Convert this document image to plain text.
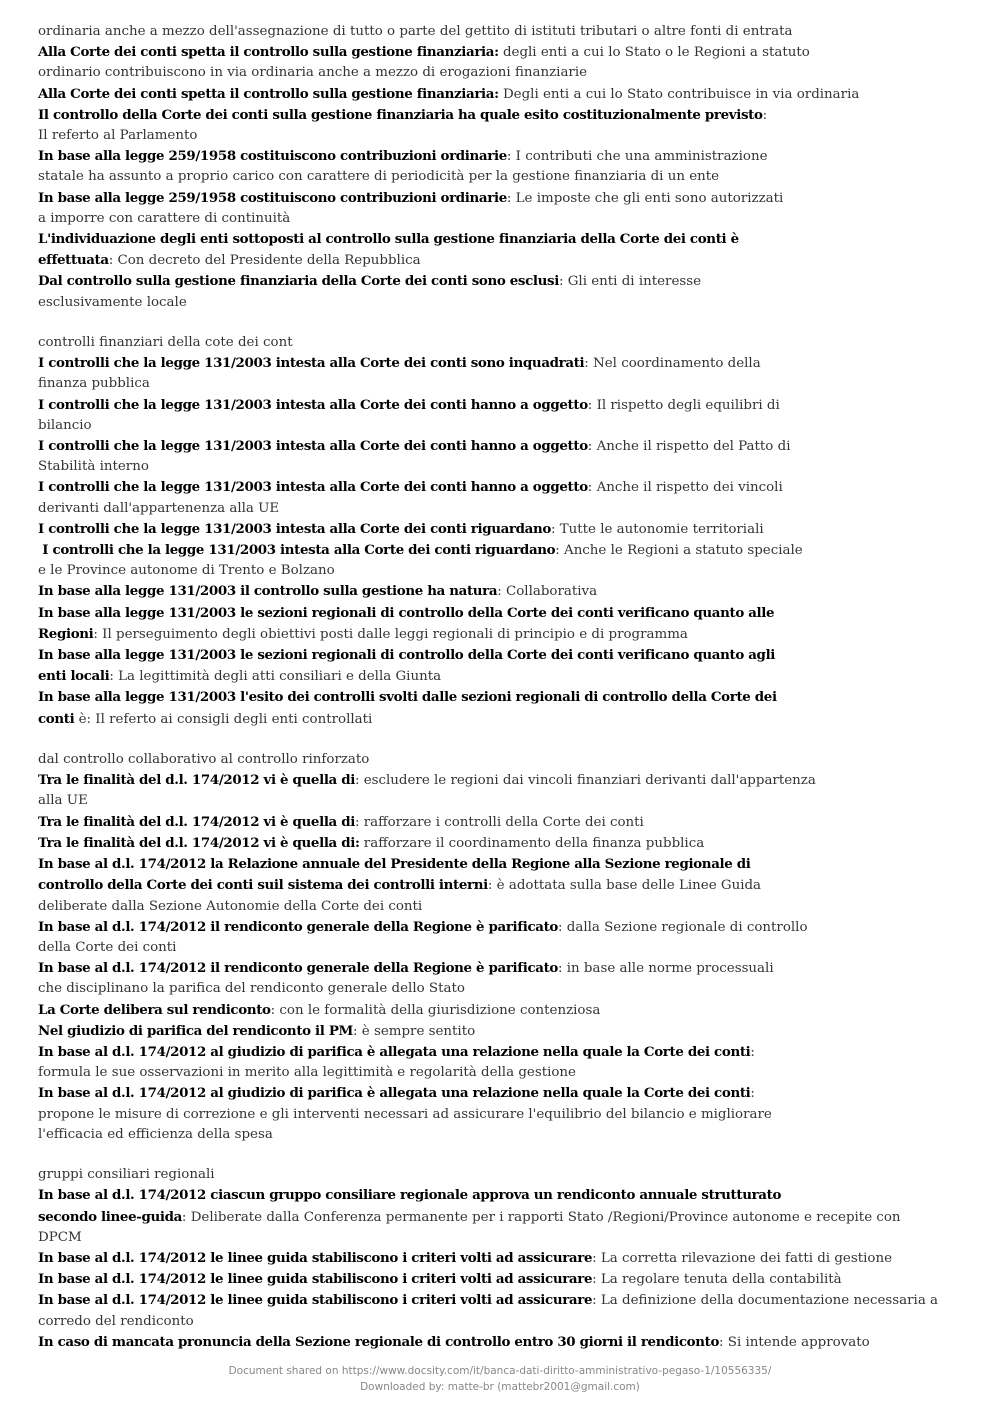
ordinaria anche a mezzo dell'assegnazione di tutto o parte del gettito di istituti tributari o altre fonti di entrata
Alla Corte dei conti spetta il controllo sulla gestione finanziaria: degli enti a cui lo Stato o le Regioni a statuto
ordinario contribuiscono in via ordinaria anche a mezzo di erogazioni finanziarie
Alla Corte dei conti spetta il controllo sulla gestione finanziaria: Degli enti a cui lo Stato contribuisce in via ordinaria
Il controllo della Corte dei conti sulla gestione finanziaria ha quale esito costituzionalmente previsto:
Il referto al Parlamento
In base alla legge 259/1958 costituiscono contribuzioni ordinarie: I contributi che una amministrazione
statale ha assunto a proprio carico con carattere di periodicità per la gestione finanziaria di un ente
In base alla legge 259/1958 costituiscono contribuzioni ordinarie: Le imposte che gli enti sono autorizzati
a imporre con carattere di continuità
L'individuazione degli enti sottoposti al controllo sulla gestione finanziaria della Corte dei conti è
effettuata: Con decreto del Presidente della Repubblica
Dal controllo sulla gestione finanziaria della Corte dei conti sono esclusi: Gli enti di interesse
esclusivamente locale
controlli finanziari della cote dei cont
I controlli che la legge 131/2003 intesta alla Corte dei conti sono inquadrati: Nel coordinamento della
finanza pubblica
I controlli che la legge 131/2003 intesta alla Corte dei conti hanno a oggetto: Il rispetto degli equilibri di
bilancio
I controlli che la legge 131/2003 intesta alla Corte dei conti hanno a oggetto: Anche il rispetto del Patto di
Stabilità interno
I controlli che la legge 131/2003 intesta alla Corte dei conti hanno a oggetto: Anche il rispetto dei vincoli
derivanti dall'appartenenza alla UE
I controlli che la legge 131/2003 intesta alla Corte dei conti riguardano: Tutte le autonomie territoriali
I controlli che la legge 131/2003 intesta alla Corte dei conti riguardano: Anche le Regioni a statuto speciale
e le Province autonome di Trento e Bolzano
In base alla legge 131/2003 il controllo sulla gestione ha natura: Collaborativa
In base alla legge 131/2003 le sezioni regionali di controllo della Corte dei conti verificano quanto alle
Regioni: Il perseguimento degli obiettivi posti dalle leggi regionali di principio e di programma
In base alla legge 131/2003 le sezioni regionali di controllo della Corte dei conti verificano quanto agli
enti locali: La legittimità degli atti consiliari e della Giunta
In base alla legge 131/2003 l'esito dei controlli svolti dalle sezioni regionali di controllo della Corte dei
conti è: Il referto ai consigli degli enti controllati
dal controllo collaborativo al controllo rinforzato
Tra le finalità del d.l. 174/2012 vi è quella di: escludere le regioni dai vincoli finanziari derivanti dall'appartenza
alla UE
Tra le finalità del d.l. 174/2012 vi è quella di: rafforzare i controlli della Corte dei conti
Tra le finalità del d.l. 174/2012 vi è quella di: rafforzare il coordinamento della finanza pubblica
In base al d.l. 174/2012 la Relazione annuale del Presidente della Regione alla Sezione regionale di
controllo della Corte dei conti suil sistema dei controlli interni: è adottata sulla base delle Linee Guida
deliberate dalla Sezione Autonomie della Corte dei conti
In base al d.l. 174/2012 il rendiconto generale della Regione è parificato: dalla Sezione regionale di controllo
della Corte dei conti
In base al d.l. 174/2012 il rendiconto generale della Regione è parificato: in base alle norme processuali
che disciplinano la parifica del rendiconto generale dello Stato
La Corte delibera sul rendiconto: con le formalità della giurisdizione contenziosa
Nel giudizio di parifica del rendiconto il PM: è sempre sentito
In base al d.l. 174/2012 al giudizio di parifica è allegata una relazione nella quale la Corte dei conti:
formula le sue osservazioni in merito alla legittimità e regolarità della gestione
In base al d.l. 174/2012 al giudizio di parifica è allegata una relazione nella quale la Corte dei conti:
propone le misure di correzione e gli interventi necessari ad assicurare l'equilibrio del bilancio e migliorare
l'efficacia ed efficienza della spesa
gruppi consiliari regionali
In base al d.l. 174/2012 ciascun gruppo consiliare regionale approva un rendiconto annuale strutturato
secondo linee-guida: Deliberate dalla Conferenza permanente per i rapporti Stato /Regioni/Province autonome e recepite con
DPCM
In base al d.l. 174/2012 le linee guida stabiliscono i criteri volti ad assicurare: La corretta rilevazione dei fatti di gestione
In base al d.l. 174/2012 le linee guida stabiliscono i criteri volti ad assicurare: La regolare tenuta della contabilità
In base al d.l. 174/2012 le linee guida stabiliscono i criteri volti ad assicurare: La definizione della documentazione necessaria a
corredo del rendiconto
In caso di mancata pronuncia della Sezione regionale di controllo entro 30 giorni il rendiconto: Si intende approvato
Document shared on https://www.docsity.com/it/banca-dati-diritto-amministrativo-pegaso-1/10556335/
Downloaded by: matte-br (mattebr2001@gmail.com)
